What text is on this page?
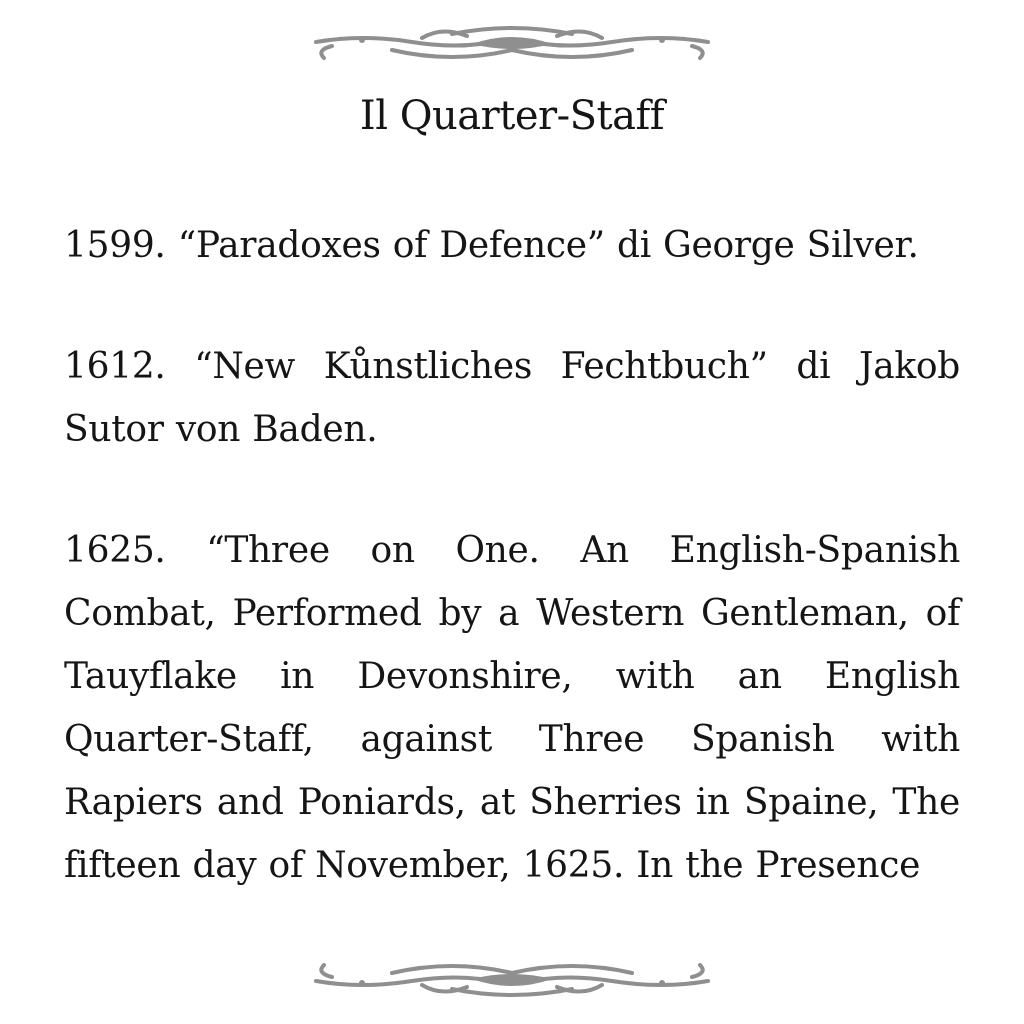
Il Quarter-Staff

1599. “Paradoxes of Defence” di George Silver.

1612. “New Kůnstliches Fechtbuch” di Jakob Sutor von Baden.

1625. “Three on One. An English-Spanish Combat, Performed by a Western Gentleman, of Tauyflake in Devonshire, with an English Quarter-Staff, against Three Spanish with Rapiers and Poniards, at Sherries in Spaine, The fifteen day of November, 1625. In the Presence
